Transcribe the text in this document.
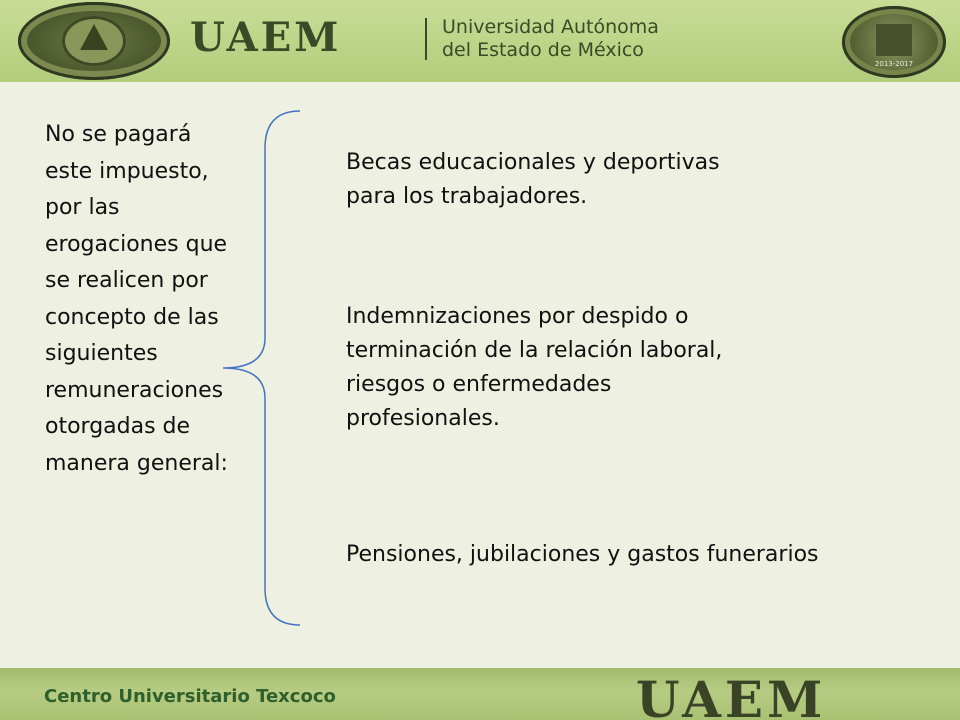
UAEM	Universidad Autónoma
del Estado de México
2013-2017
No se pagará este impuesto, por las erogaciones que se realicen por concepto de las siguientes remuneraciones otorgadas de manera general:
Becas educacionales y deportivas
para los trabajadores.
Indemnizaciones por despido o
terminación de la relación laboral,
riesgos o enfermedades
profesionales.
Pensiones, jubilaciones y gastos funerarios
Centro Universitario Texcoco	UAEM
